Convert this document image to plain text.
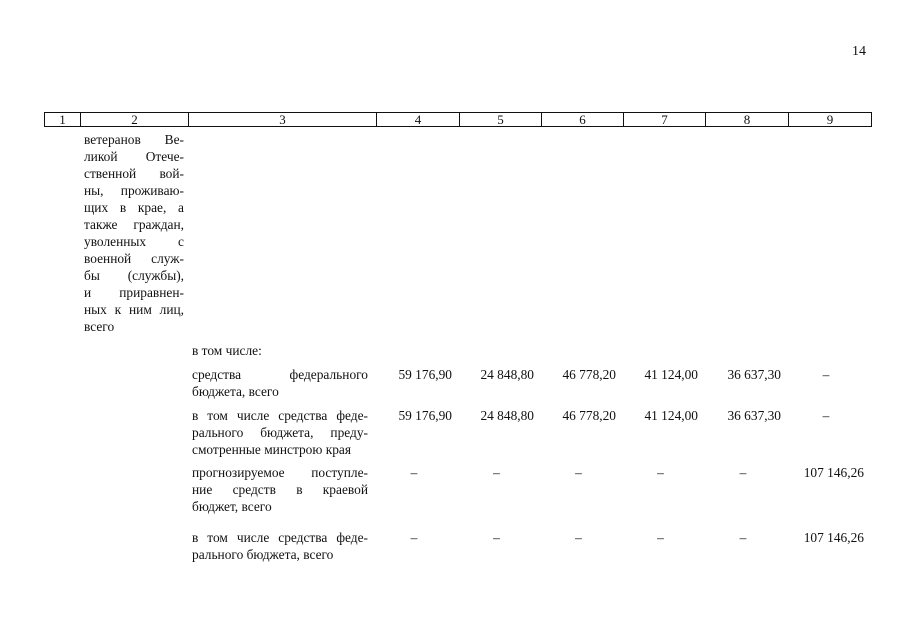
14
1	2	3	4	5	6	7	8	9
ветеранов Ве-
ликой Отече-
ственной вой-
ны, проживаю-
щих в крае, а
также граждан,
уволенных с
военной служ-
бы (службы),
и приравнен-
ных к ним лиц,
всего
в том числе:
средства федерального
бюджета, всего
59 176,90	24 848,80	46 778,20	41 124,00	36 637,30	–
в том числе средства феде-
рального бюджета, преду-
смотренные минстрою края
59 176,90	24 848,80	46 778,20	41 124,00	36 637,30	–
прогнозируемое поступле-
ние средств в краевой
бюджет, всего
–	–	–	–	–	107 146,26
в том числе средства феде-
рального бюджета, всего
–	–	–	–	–	107 146,26
